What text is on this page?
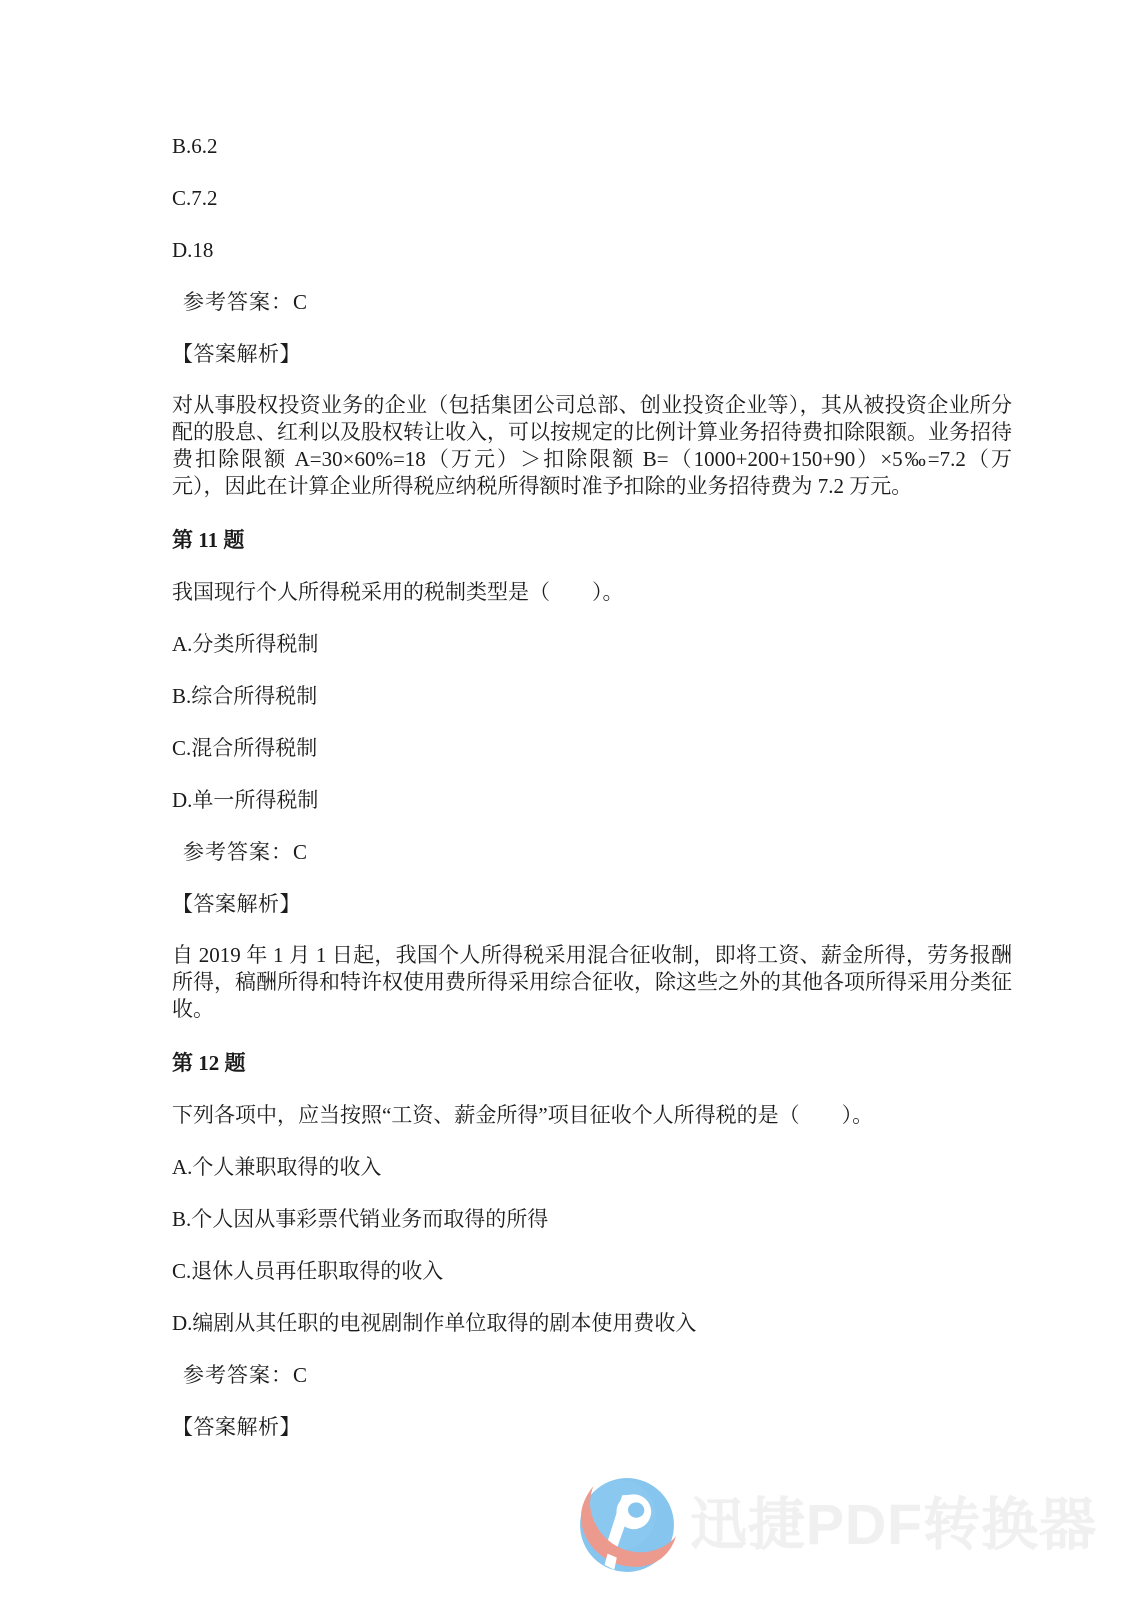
B.6.2
C.7.2
D.18
参考答案：C
【答案解析】

对从事股权投资业务的企业（包括集团公司总部、创业投资企业等），其从被投资企业所分配的股息、红利以及股权转让收入，可以按规定的比例计算业务招待费扣除限额。业务招待费扣除限额 A=30×60%=18（万元）＞扣除限额 B=（1000+200+150+90）×5‰=7.2（万元），因此在计算企业所得税应纳税所得额时准予扣除的业务招待费为 7.2 万元。

第 11 题
我国现行个人所得税采用的税制类型是（　　）。
A.分类所得税制
B.综合所得税制
C.混合所得税制
D.单一所得税制
参考答案：C
【答案解析】

自 2019 年 1 月 1 日起，我国个人所得税采用混合征收制，即将工资、薪金所得，劳务报酬所得，稿酬所得和特许权使用费所得采用综合征收，除这些之外的其他各项所得采用分类征收。

第 12 题
下列各项中，应当按照“工资、薪金所得”项目征收个人所得税的是（　　）。
A.个人兼职取得的收入
B.个人因从事彩票代销业务而取得的所得
C.退休人员再任职取得的收入
D.编剧从其任职的电视剧制作单位取得的剧本使用费收入
参考答案：C
【答案解析】
迅捷PDF转换器
